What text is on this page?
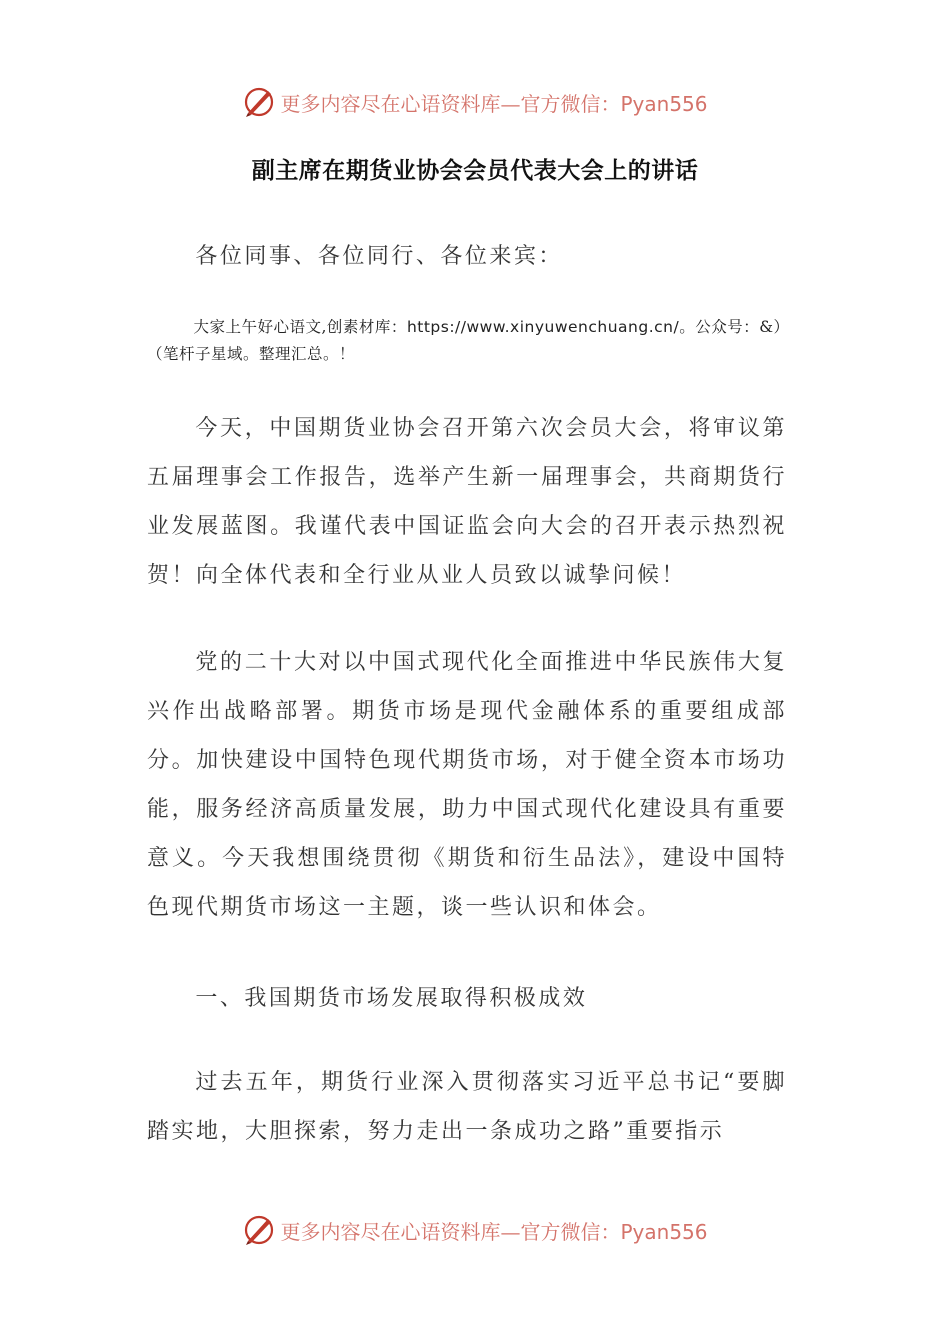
更多内容尽在心语资料库—官方微信：Pyan556
副主席在期货业协会会员代表大会上的讲话

各位同事、各位同行、各位来宾：

大家上午好心语文,创素材库：https://www.xinyuwenchuang.cn/。公众号：&）（笔杆子星域。整理汇总。！

今天，中国期货业协会召开第六次会员大会，将审议第五届理事会工作报告，选举产生新一届理事会，共商期货行业发展蓝图。我谨代表中国证监会向大会的召开表示热烈祝贺！向全体代表和全行业从业人员致以诚挚问候！

党的二十大对以中国式现代化全面推进中华民族伟大复兴作出战略部署。期货市场是现代金融体系的重要组成部分。加快建设中国特色现代期货市场，对于健全资本市场功能，服务经济高质量发展，助力中国式现代化建设具有重要意义。今天我想围绕贯彻《期货和衍生品法》，建设中国特色现代期货市场这一主题，谈一些认识和体会。

一、我国期货市场发展取得积极成效

过去五年，期货行业深入贯彻落实习近平总书记“要脚踏实地，大胆探索，努力走出一条成功之路”重要指示

更多内容尽在心语资料库—官方微信：Pyan556
